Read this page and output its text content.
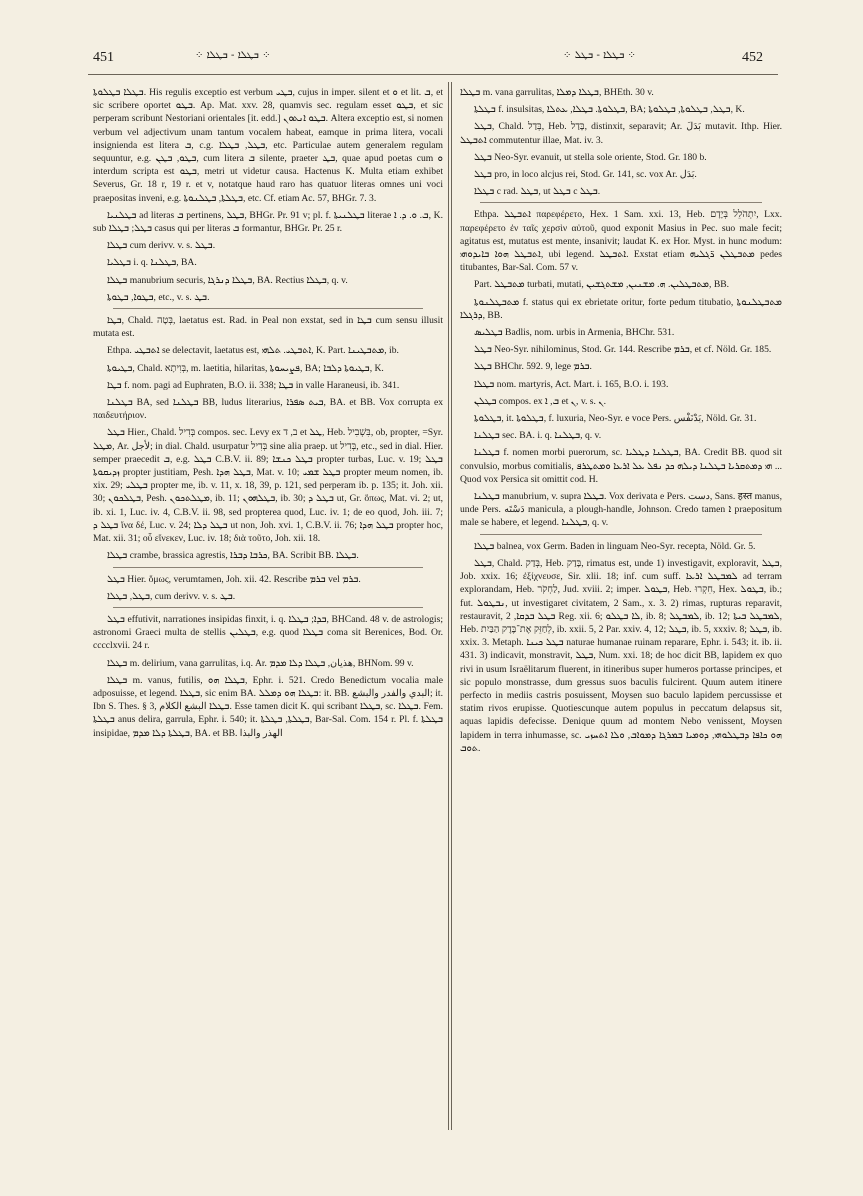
451	⁘ ܒܛܠܐ - ܒܛܠܐ ⁘	⁘ ܒܛܠܐ - ܒܛܠ ⁘	452

ܒܛܠܐ ܒܛܠܘܬܐ. His regulis exceptio est verbum ܒܛܝ, cujus in imper. silent et ܘ et lit. ܒ, et sic scribere oportet ܒܛܘ. Ap. Mat. xxv. 28, quamvis sec. regulam esset ܒܛܘ, et sic perperam scribunt Nestoriani orientales [it. edd.] ܒܛܘ ܐܢܬܘܢ. Altera exceptio est, si nomen verbum vel adjectivum unam tantum vocalem habeat, eamque in prima litera, vocali insignienda est litera ܒ, c.g. ܒܛܠ, ܒܛܠܐ, etc. Particulae autem generalem regulam sequuntur, e.g. ܒܛܘ, ܒܛܢ, cum litera ܒ silente, praeter ܒܛ, quae apud poetas cum ܘ interdum scripta est ܒܛܘ, metri ut videtur causa. Hactenus K. Multa etiam exhibet Severus, Gr. 18 r, 19 r. et v, notatque haud raro has quatuor literas omnes uni voci praepositas inveni, e.g. ܒܛܠܬܐ, ܒܛܠܢܘܬܐ, etc. Cf. etiam Ac. 57, BHGr. 7. 3.

ܒܛܠܢܝܐ ad literas ܒ pertinens, ܒܛܠ, BHGr. Pr. 91 v; pl. f. ܒܛܠܢܝܬܐ literae ܒ. ܘ. ܕ. ܐ, K. sub ܒܛܠ; ܒܛܠܐ casus qui per literas ܒ formantur, BHGr. Pr. 25 r.

ܒܛܠܐ cum derivv. v. s. ܒܛܠ.

ܒܛܠܝܐ i. q. ܒܛܠܢܐ, BA.

ܒܛܠܐ manubrium securis, ܒܛܠܐ ܕܢܪܓܐ, BA. Rectius ܒܛܠܐ, q. v.

ܒܛܘܐ, ܒܛܘܬܐ, etc., v. s. ܒܛ.

ܒܛܐ, Chald. בְּטָה, laetatus est. Rad. in Peal non exstat, sed in ܒܛܐ cum sensu illusit mutata est.

Ethpa. ܐܬܒܛܝ se delectavit, laetatus est, ܐܬܒܛܝ. ܬܠܗܝ, K. Part. ܡܬܒܛܝܢܐ, ib.

ܒܛܝܘܬܐ, Chald. בְּוִיתָא, m. laetitia, hilaritas, ܦܨܝܚܘܬܐ, BA; ܒܛܝܘܬܐ ܕܠܒܐ, K.

ܒܛܐ f. nom. pagi ad Euphraten, B.O. ii. 338; ܒܛܐ in valle Haraneusi, ib. 341.

ܒܛܠܢܐ BA, sed ܒܛܠܢܐ BB, ludus literarius, ܒܝܬ ܣܦܪܐ, BA. et BB. Vox corrupta ex παιδευτήριον.

ܒܛܠ Hier., Chald. בְּדִיל compos. sec. Levy ex ב, ד et ܛܠ, Heb. בִּשְׁבִיל, ob, propter, =Syr. ܡܛܠ, Ar. لأجل; in dial. Chald. usurpatur בְּדִיל sine alia praep. ut בְּדִיל, etc., sed in dial. Hier. semper praecedit ܒ, e.g. ܒܛܠ C.B.V. ii. 89; ܒܛܠ ܟܢܫܐ propter turbas, Luc. v. 19; ܒܛܠ ܙܕܝܩܘܬܐ propter justitiam, Pesh. ܒܛܠ ܗܕܐ, Mat. v. 10; ܒܛܠ ܫܡܝ propter meum nomen, ib. xix. 29; ܒܛܠܝ propter me, ib. v. 11, x. 18, 39, p. 121, sed perperam ib. p. 135; it. Joh. xii. 30; ܒܛܠܟܘܢ, Pesh. ܡܛܠܬܟܘܢ, ib. 11; ܒܛܠܗܘܢ, ib. 30; ܒܛܠ ܕ ut, Gr. ὅπως, Mat. vi. 2; ut, ib. xi. 1, Luc. iv. 4, C.B.V. ii. 98, sed propterea quod, Luc. iv. 1; de eo quod, Joh. iii. 7; ܒܛܠ ܕ ἵνα δέ, Luc. v. 24; ܒܛܠ ܕܠܐ ut non, Joh. xvi. 1, C.B.V. ii. 76; ܒܛܠ ܗܕܐ propter hoc, Mat. xii. 31; οὗ εἵνεκεν, Luc. iv. 18; διὰ τοῦτο, Joh. xii. 18.

ܒܛܠܐ crambe, brassica agrestis, ܟܪܒܐ ܕܒܪܐ, BA. Scribit BB. ܒܛܠܐ.

ܒܛܠ Hier. ὅμως, verumtamen, Joh. xii. 42. Rescribe ܒܪܡ vel ܒܪܡ.

ܒܛܠ, ܒܛܠܐ, cum derivv. v. s. ܒܛ.

ܒܛܠ effutivit, narrationes insipidas finxit, i. q. ܒܕܐ; ܒܛܠܐ, BHCand. 48 v. de astrologis; astronomi Graeci multa de stellis ܒܛܠܝܢ, e.g. quod ܒܛܠܐ coma sit Berenices, Bod. Or. cccclxvii. 24 r.

ܒܛܠܐ m. delirium, vana garrulitas, i.q. Ar. هذيان, ܒܛܠܐ ܕܠܐ ܡܕܡ, BHNom. 99 v.

ܒܛܠܐ m. vanus, futilis, ܒܛܠܐ ܗܘ, Ephr. i. 521. Credo Benedictum vocalia male adposuisse, et legend. ܒܛܠܐ, sic enim BA. ܒܛܠܐ ܗܘ ܕܡܠܠ: it. BB. البدي والفدر والبشع; it. Ibn S. Thes. § 3, ܒܛܠܐ البشع الكلام. Esse tamen dicit K. qui scribant ܒܛܠܐ, sc. ܒܛܠܐ. Fem. ܒܛܠܬܐ anus delira, garrula, Ephr. i. 540; it. ܒܛܠܬܐ, ܒܛܠܬܐ, Bar-Sal. Com. 154 r. Pl. f. ܒܛܠܬܐ insipidae, ܒܛܠܬܐ ܕܠܐ ܡܕܡ, BA. et BB. الهذر والبذا

ܒܛܠܐ m. vana garrulitas, ܒܛܠܐ ܕܡܠܐ, BHEth. 30 v.

ܒܛܠܬܐ f. insulsitas, ܒܛܠܘܬܐ. ܒܛܠܐ, ܥܬܠܐ, BA; ܒܛܠ, ܒܛܠܘܬܐ, ܒܛܠܘܬܐ, K.

ܒܛܠ, Chald. בְּדַל, Heb. בָּדַל, distinxit, separavit; Ar. بَدَلَ mutavit. Ithp. Hier. ܐܬܒܛܠ commutentur illae, Mat. iv. 3.

ܒܛܠ Neo-Syr. evanuit, ut stella sole oriente, Stod. Gr. 180 b.

ܒܛܠ pro, in loco alcjus rei, Stod. Gr. 141, sc. vox Ar. بَدَل.

ܒܛܠܐ c rad. ܒܛܠ, ut ܒܛܠ c ܒܛܠ.

Ethpa. ܐܬܒܛܠ παρεφέρετο, Hex. 1 Sam. xxi. 13, Heb. יִתְהֹלֵל בְּיָדָם, Lxx. παρεφέρετο ἐν ταῖς χερσὶν αὐτοῦ, quod exponit Masius in Pec. suo male fecit; agitatus est, mutatus est mente, insanivit; laudat K. ex Hor. Myst. in hunc modum: ܐܬܒܛܠ ܗܘܐ ܒܐܝܕܘܗܝ, ubi legend. ܐܬܒܛܠ. Exstat etiam ܡܬܒܛܠܢ ܪ̈ܓܠܝܗ pedes titubantes, Bar-Sal. Com. 57 v.

Part. ܡܬܒܛܠ turbati, mutati, ܡܬܒܛܠܝܢ. ܗ. ܡܫܢܝܢ, ܡܫܬܓܫܝܢ, BB.

ܡܬܒܛܠܢܘܬܐ f. status qui ex ebrietate oritur, forte pedum titubatio, ܡܬܒܛܠܢܘܬܐ ܕܪܓܠܐ, BB.

ܒܛܠܝܣ Badlis, nom. urbis in Armenia, BHChr. 531.

ܒܛܠ Neo-Syr. nihilominus, Stod. Gr. 144. Rescribe ܒܪܡ, et cf. Nöld. Gr. 185.

ܒܛܠ BHChr. 592. 9, lege ܒܪܡ.

ܒܛܠܐ nom. martyris, Act. Mart. i. 165, B.O. i. 193.

ܒܛܠܢ compos. ex ܒ, ܐ et ܢ, v. s. ܢ.

ܒܛܠܘܬܐ, it. ܒܛܠܘܬܐ, f. luxuria, Neo-Syr. e voce Pers. بَدْنَفْس, Nöld. Gr. 31.

ܒܛܠܢܐ sec. BA. i. q. ܒܛܠܢܐ, q. v.

ܒܛܠܢܐ f. nomen morbi puerorum, sc. ܒܛܠܢܐ ܕܛܠܝܐ, BA. Credit BB. quod sit convulsio, morbus comitialis, ܗܝ ܕܡܬܩܪܝܐ ܒܛܠܢܐ ܕܝܠܗ ܟܕ ܢܦܠ ܥܠ ܐܪܥܐ ܘܡܬܛܪܦ ... Quod vox Persica sit omittit cod. H.

ܒܛܠܢܐ manubrium, v. supra ܒܛܠܐ. Vox derivata e Pers. دست, Sans. हस्त manus, unde Pers. دَسْتَه manicula, a plough-handle, Johnson. Credo tamen ܐ praepositum male se habere, et legend. ܒܛܠܢܐ, q. v.

ܒܛܠܐ balnea, vox Germ. Baden in linguam Neo-Syr. recepta, Nöld. Gr. 5.

ܒܛܠ, Chald. בְּדַק, Heb. בָּדַק, rimatus est, unde 1) investigavit, exploravit, ܒܛܠ, Job. xxix. 16; ἐξίχνευσε, Sir. xlii. 18; inf. cum suff. ܠܡܒܛܠ ܐܪܥܐ ad terram explorandam, Heb. לַחְקֹר, Jud. xviii. 2; imper. ܒܛܘܠ, Heb. חִקְרוּ, Hex. ܒܛܘܠ, ib.; fut. ܢܒܛܘܠ, ut investigaret civitatem, 2 Sam., x. 3. 2) rimas, rupturas reparavit, restauravit, ܒܛܠ ܒܕܩܐ, 2 Reg. xii. 6; ܠܐ ܒܛܠܘ, ib. 8; ܠܡܒܛܠ, ib. 12; ܠܡܒܛܠ ܒܝܬܐ, Heb. לְחַזֵּק אֶת־בֶּדֶק הַבַּיִת, ib. xxii. 5, 2 Par. xxiv. 4, 12; ܒܛܠ, ib. 5, xxxiv. 8; ܒܛܠ, ib. xxix. 3. Metaph. ܒܛܠ ܟܝܢܐ naturae humanae ruinam reparare, Ephr. i. 543; it. ib. ii. 431. 3) indicavit, monstravit, ܒܛܠ, Num. xxi. 18; de hoc dicit BB, lapidem ex quo rivi in usum Israëlitarum fluerent, in itineribus super humeros portasse principes, et sic populo monstrasse, dum gressus suos baculis fulcirent. Quum autem itinere perfecto in mediis castris posuissent, Moysen suo baculo lapidem percussisse et statim rivos erupisse. Quotiescunque autem populus in peccatum delapsus sit, aquas lapidis defecisse. Denique quum ad montem Nebo venissent, Moysen lapidem in terra inhumasse, sc. ܗܘ ܟܐܦܐ ܕܒܛܠܘܗܝ, ܕܘܡܝܐ ܒܡܪܓܐ ܕܡܘܐܒ, ܘܠܐ ܐܬܚܙܝ ܬܘܒ.
